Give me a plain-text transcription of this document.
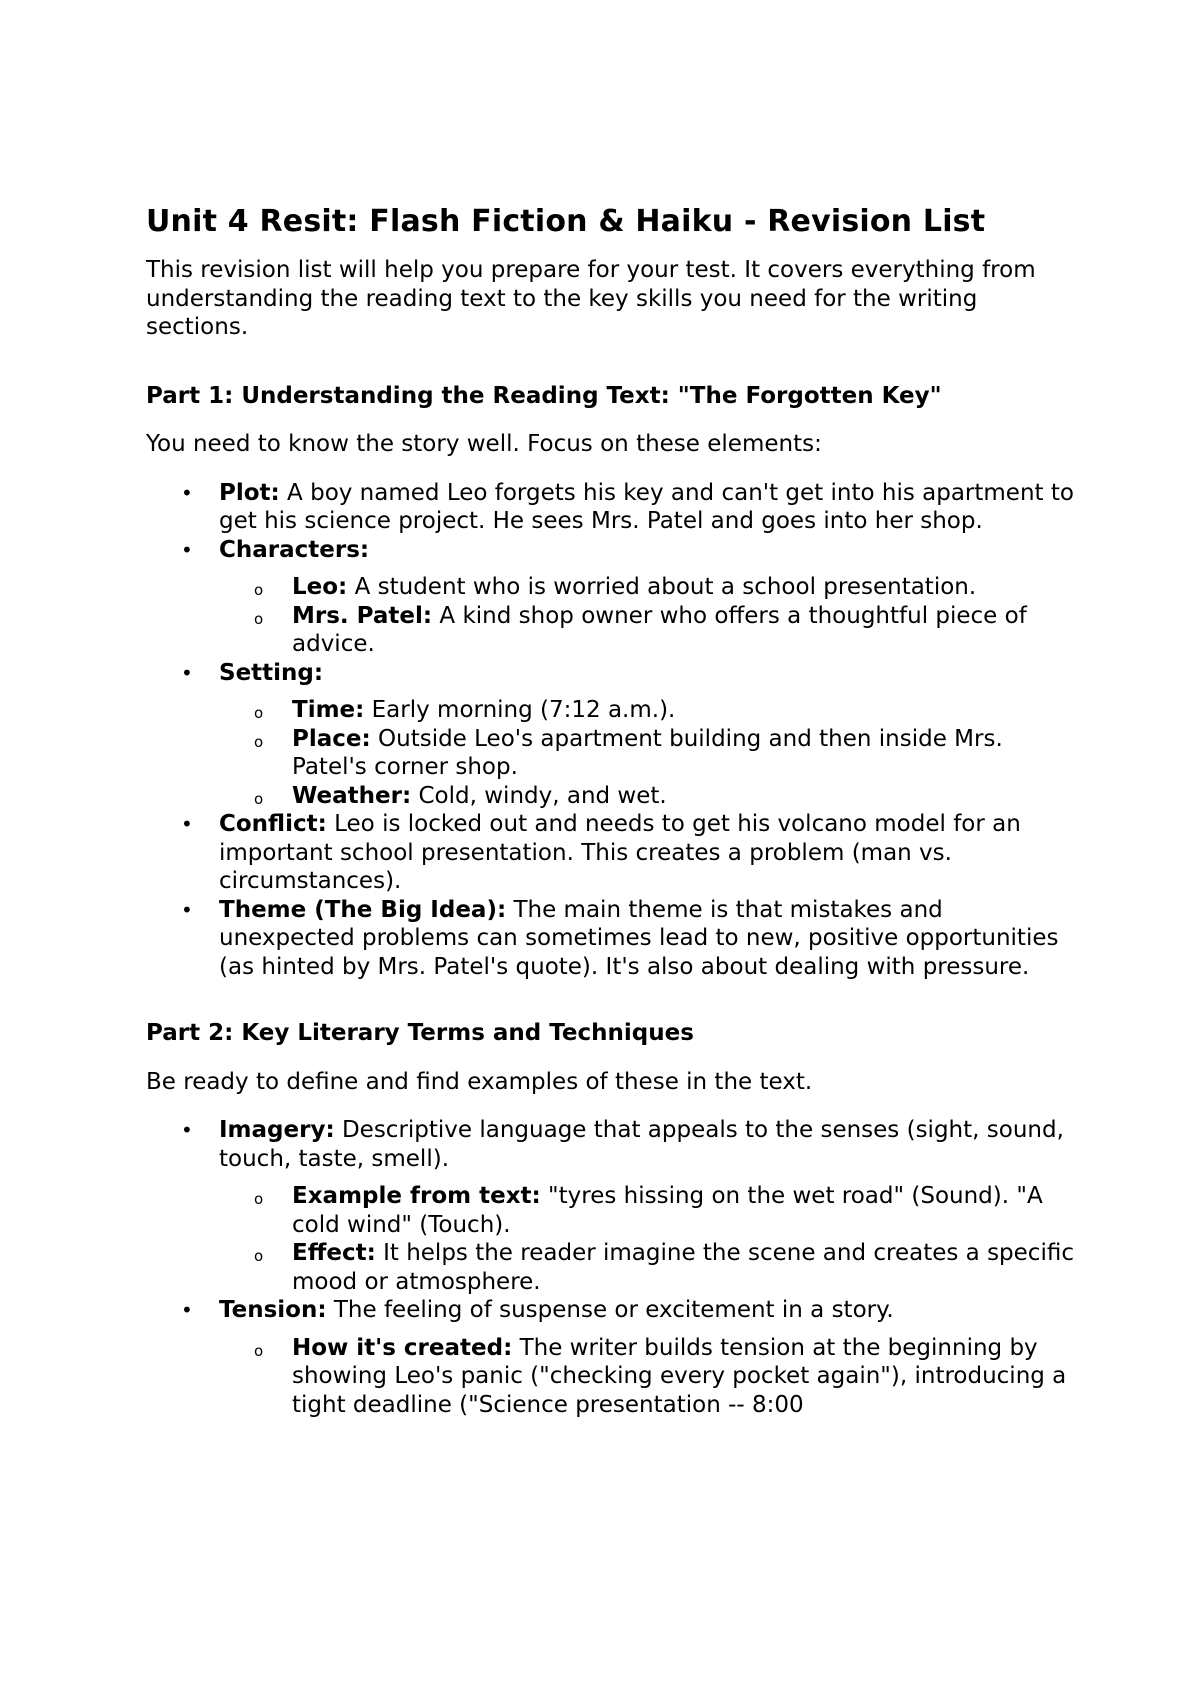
Unit 4 Resit: Flash Fiction & Haiku - Revision List

This revision list will help you prepare for your test. It covers everything from understanding the reading text to the key skills you need for the writing sections.

Part 1: Understanding the Reading Text: "The Forgotten Key"

You need to know the story well. Focus on these elements:

• Plot: A boy named Leo forgets his key and can't get into his apartment to get his science project. He sees Mrs. Patel and goes into her shop.
• Characters:
o Leo: A student who is worried about a school presentation.
o Mrs. Patel: A kind shop owner who offers a thoughtful piece of advice.
• Setting:
o Time: Early morning (7:12 a.m.).
o Place: Outside Leo's apartment building and then inside Mrs. Patel's corner shop.
o Weather: Cold, windy, and wet.
• Conflict: Leo is locked out and needs to get his volcano model for an important school presentation. This creates a problem (man vs. circumstances).
• Theme (The Big Idea): The main theme is that mistakes and unexpected problems can sometimes lead to new, positive opportunities (as hinted by Mrs. Patel's quote). It's also about dealing with pressure.
Part 2: Key Literary Terms and Techniques

Be ready to define and find examples of these in the text.

• Imagery: Descriptive language that appeals to the senses (sight, sound, touch, taste, smell).
o Example from text: "tyres hissing on the wet road" (Sound). "A cold wind" (Touch).
o Effect: It helps the reader imagine the scene and creates a specific mood or atmosphere.
• Tension: The feeling of suspense or excitement in a story.
o How it's created: The writer builds tension at the beginning by showing Leo's panic ("checking every pocket again"), introducing a tight deadline ("Science presentation -- 8:00
